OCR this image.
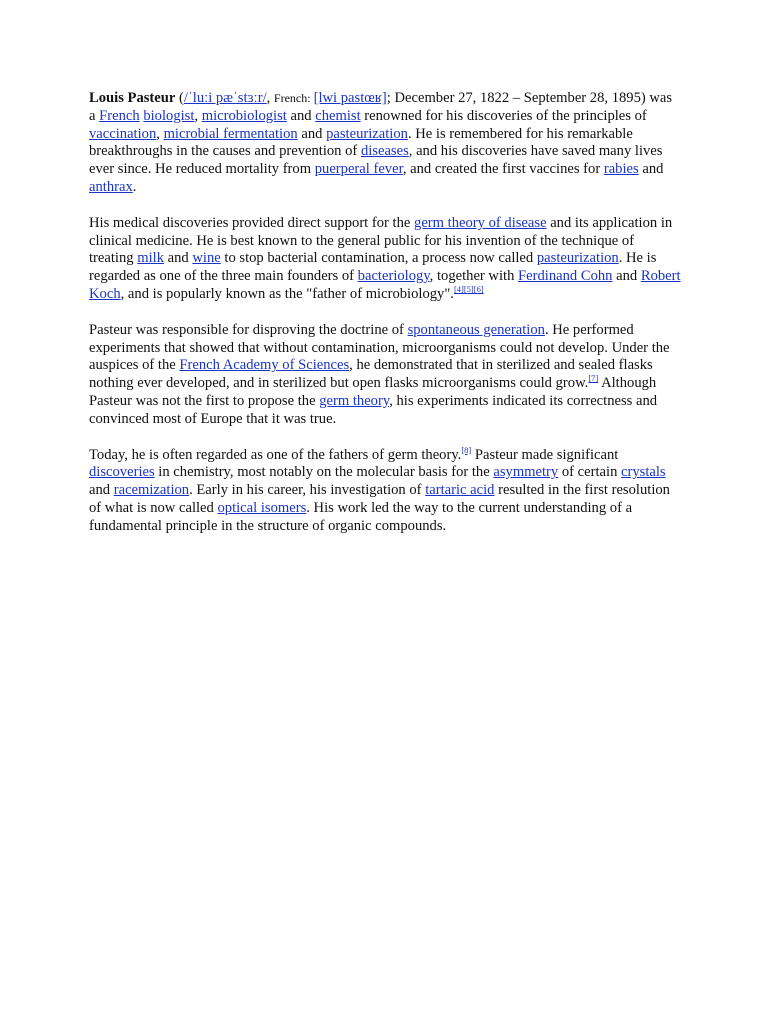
Louis Pasteur (/ˈluːi pæˈstɜːr/, French: [lwi pastœʁ]; December 27, 1822 – September 28, 1895) was a French biologist, microbiologist and chemist renowned for his discoveries of the principles of vaccination, microbial fermentation and pasteurization. He is remembered for his remarkable breakthroughs in the causes and prevention of diseases, and his discoveries have saved many lives ever since. He reduced mortality from puerperal fever, and created the first vaccines for rabies and anthrax.

His medical discoveries provided direct support for the germ theory of disease and its application in clinical medicine. He is best known to the general public for his invention of the technique of treating milk and wine to stop bacterial contamination, a process now called pasteurization. He is regarded as one of the three main founders of bacteriology, together with Ferdinand Cohn and Robert Koch, and is popularly known as the "father of microbiology".[4][5][6]

Pasteur was responsible for disproving the doctrine of spontaneous generation. He performed experiments that showed that without contamination, microorganisms could not develop. Under the auspices of the French Academy of Sciences, he demonstrated that in sterilized and sealed flasks nothing ever developed, and in sterilized but open flasks microorganisms could grow.[7] Although Pasteur was not the first to propose the germ theory, his experiments indicated its correctness and convinced most of Europe that it was true.

Today, he is often regarded as one of the fathers of germ theory.[8] Pasteur made significant discoveries in chemistry, most notably on the molecular basis for the asymmetry of certain crystals and racemization. Early in his career, his investigation of tartaric acid resulted in the first resolution of what is now called optical isomers. His work led the way to the current understanding of a fundamental principle in the structure of organic compounds.
